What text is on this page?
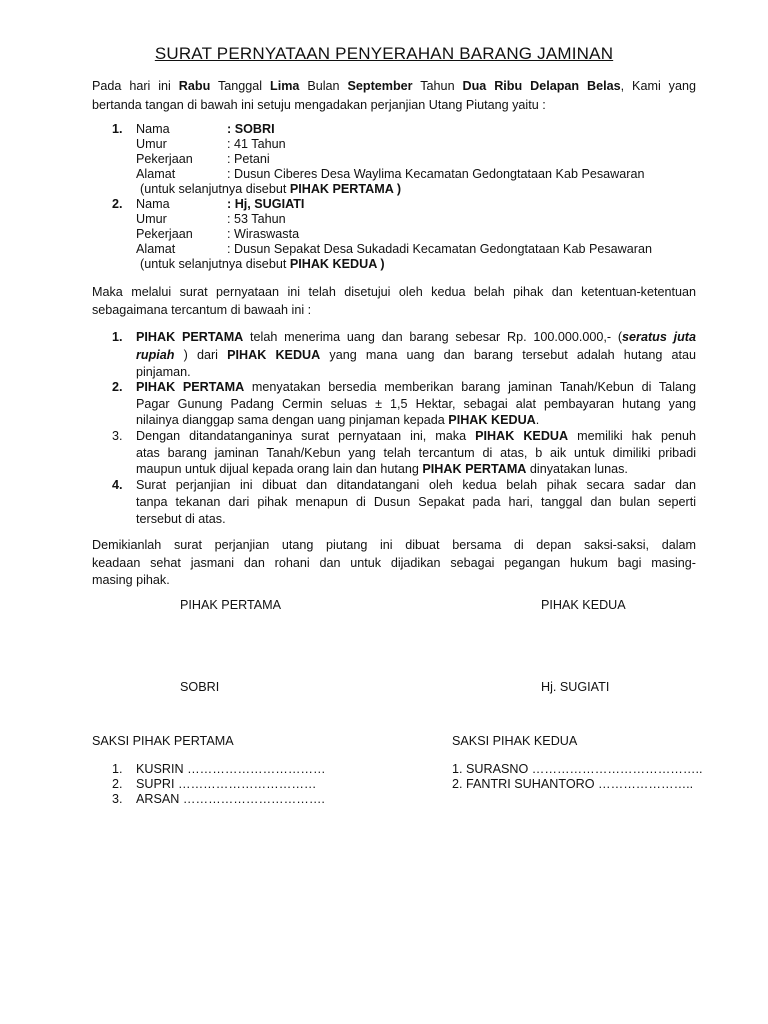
SURAT PERNYATAAN PENYERAHAN BARANG JAMINAN
Pada hari ini Rabu Tanggal Lima Bulan September Tahun Dua Ribu Delapan Belas, Kami yang
bertanda tangan di bawah ini setuju mengadakan perjanjian Utang Piutang yaitu :
1. Nama	: SOBRI
Umur	: 41 Tahun
Pekerjaan	: Petani
Alamat	: Dusun Ciberes Desa Waylima Kecamatan Gedongtataan Kab Pesawaran
(untuk selanjutnya disebut PIHAK PERTAMA )
2. Nama	: Hj, SUGIATI
Umur	: 53 Tahun
Pekerjaan	: Wiraswasta
Alamat	: Dusun Sepakat Desa Sukadadi Kecamatan Gedongtataan Kab Pesawaran
(untuk selanjutnya disebut PIHAK KEDUA )
Maka melalui surat pernyataan ini telah disetujui oleh kedua belah pihak dan ketentuan-ketentuan
sebagaimana tercantum di bawaah ini :
1. PIHAK PERTAMA telah menerima uang dan barang sebesar Rp. 100.000.000,- (seratus juta
rupiah ) dari PIHAK KEDUA yang mana uang dan barang tersebut adalah hutang atau
pinjaman.
2. PIHAK PERTAMA menyatakan bersedia memberikan barang jaminan Tanah/Kebun di Talang
Pagar Gunung Padang Cermin seluas ± 1,5 Hektar, sebagai alat pembayaran hutang yang
nilainya dianggap sama dengan uang pinjaman kepada PIHAK KEDUA.
3. Dengan ditandatanganinya surat pernyataan ini, maka PIHAK KEDUA memiliki hak penuh
atas barang jaminan Tanah/Kebun yang telah tercantum di atas, b aik untuk dimiliki pribadi
maupun untuk dijual kepada orang lain dan hutang PIHAK PERTAMA dinyatakan lunas.
4. Surat perjanjian ini dibuat dan ditandatangani oleh kedua belah pihak secara sadar dan
tanpa tekanan dari pihak menapun di Dusun Sepakat pada hari, tanggal dan bulan seperti
tersebut di atas.
Demikianlah surat perjanjian utang piutang ini dibuat bersama di depan saksi-saksi, dalam
keadaan sehat jasmani dan rohani dan untuk dijadikan sebagai pegangan hukum bagi masing-
masing pihak.
PIHAK PERTAMA	PIHAK KEDUA
SOBRI	Hj. SUGIATI
SAKSI PIHAK PERTAMA	SAKSI PIHAK KEDUA
1. KUSRIN ……………………………
2. SUPRI ……………………………
3. ARSAN …………………………….
1. SURASNO …………………………………..
2. FANTRI SUHANTORO …………………..
